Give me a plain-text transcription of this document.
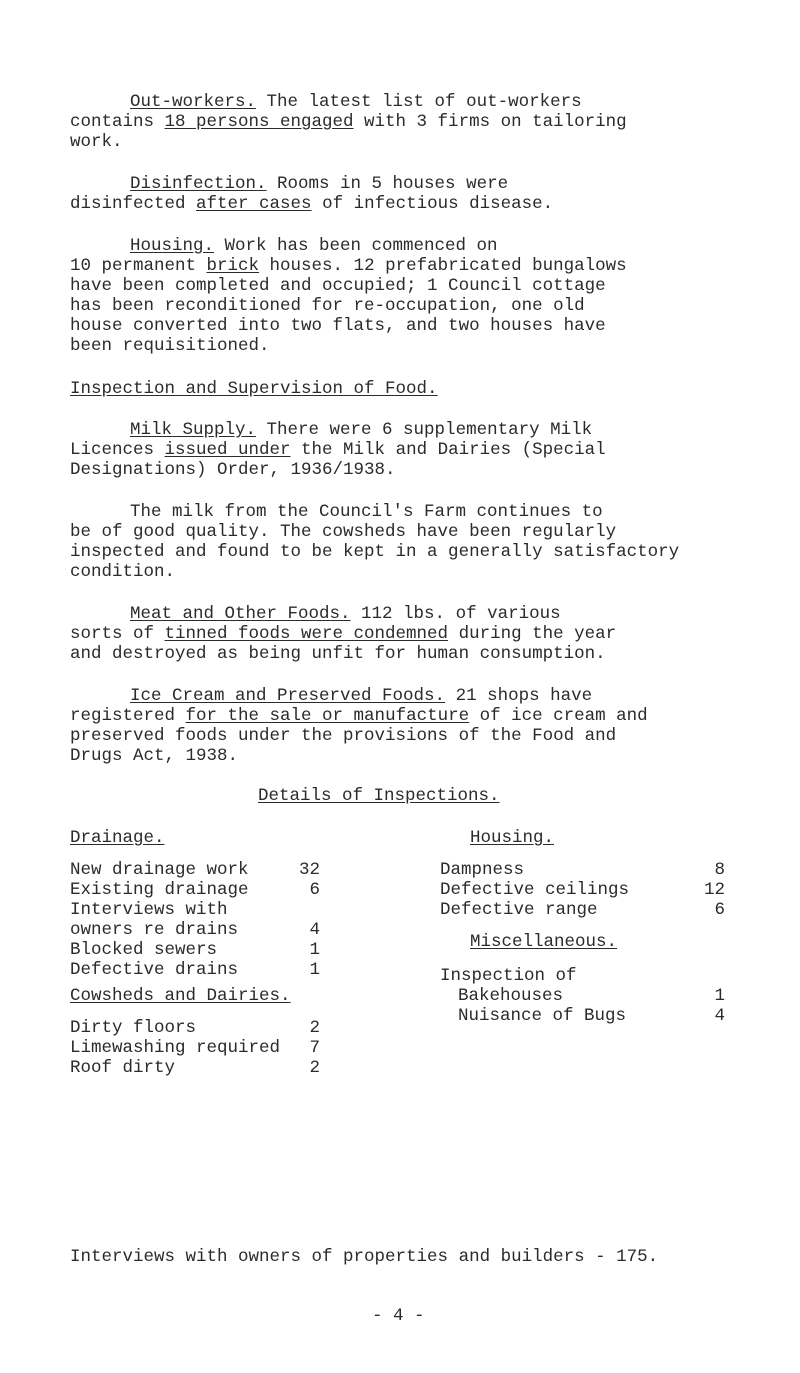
Out-workers. The latest list of out-workers
contains 18 persons engaged with 3 firms on tailoring
work.
Disinfection. Rooms in 5 houses were
disinfected after cases of infectious disease.
Housing. Work has been commenced on
10 permanent brick houses. 12 prefabricated bungalows
have been completed and occupied; 1 Council cottage
has been reconditioned for re-occupation, one old
house converted into two flats, and two houses have
been requisitioned.
Inspection and Supervision of Food.
Milk Supply. There were 6 supplementary Milk
Licences issued under the Milk and Dairies (Special
Designations) Order, 1936/1938.
The milk from the Council's Farm continues to
be of good quality. The cowsheds have been regularly
inspected and found to be kept in a generally satisfactory
condition.
Meat and Other Foods. 112 lbs. of various
sorts of tinned foods were condemned during the year
and destroyed as being unfit for human consumption.
Ice Cream and Preserved Foods. 21 shops have
registered for the sale or manufacture of ice cream and
preserved foods under the provisions of the Food and
Drugs Act, 1938.
Details of Inspections.
Drainage.
New drainage work	32
Existing drainage	6
Interviews with
owners re drains	4
Blocked sewers	1
Defective drains	1
Cowsheds and Dairies.
Dirty floors	2
Limewashing required	7
Roof dirty	2
Housing.
Dampness	8
Defective ceilings	12
Defective range	6
Miscellaneous.
Inspection of
Bakehouses	1
Nuisance of Bugs	4
Interviews with owners of properties and builders - 175.
- 4 -
